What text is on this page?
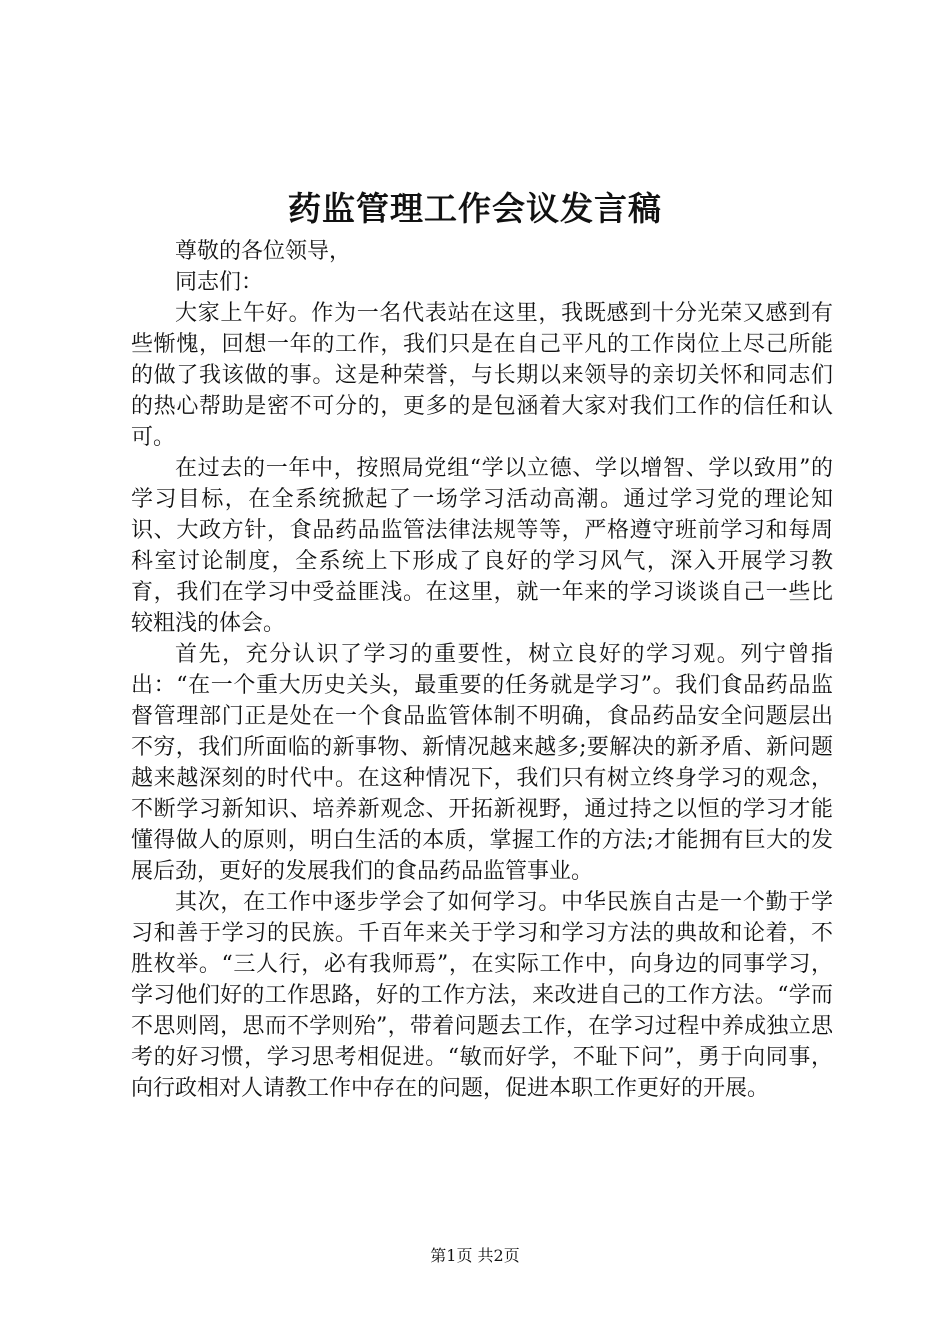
药监管理工作会议发言稿

尊敬的各位领导，

同志们：

大家上午好。作为一名代表站在这里，我既感到十分光荣又感到有些惭愧，回想一年的工作，我们只是在自己平凡的工作岗位上尽己所能的做了我该做的事。这是种荣誉，与长期以来领导的亲切关怀和同志们的热心帮助是密不可分的，更多的是包涵着大家对我们工作的信任和认可。

在过去的一年中，按照局党组“学以立德、学以增智、学以致用”的学习目标，在全系统掀起了一场学习活动高潮。通过学习党的理论知识、大政方针，食品药品监管法律法规等等，严格遵守班前学习和每周科室讨论制度，全系统上下形成了良好的学习风气，深入开展学习教育，我们在学习中受益匪浅。在这里，就一年来的学习谈谈自己一些比较粗浅的体会。

首先，充分认识了学习的重要性，树立良好的学习观。列宁曾指出：“在一个重大历史关头，最重要的任务就是学习”。我们食品药品监督管理部门正是处在一个食品监管体制不明确，食品药品安全问题层出不穷，我们所面临的新事物、新情况越来越多;要解决的新矛盾、新问题越来越深刻的时代中。在这种情况下，我们只有树立终身学习的观念，不断学习新知识、培养新观念、开拓新视野，通过持之以恒的学习才能懂得做人的原则，明白生活的本质，掌握工作的方法;才能拥有巨大的发展后劲，更好的发展我们的食品药品监管事业。

其次，在工作中逐步学会了如何学习。中华民族自古是一个勤于学习和善于学习的民族。千百年来关于学习和学习方法的典故和论着，不胜枚举。“三人行，必有我师焉”，在实际工作中，向身边的同事学习，学习他们好的工作思路，好的工作方法，来改进自己的工作方法。“学而不思则罔，思而不学则殆”，带着问题去工作，在学习过程中养成独立思考的好习惯，学习思考相促进。“敏而好学，不耻下问”，勇于向同事，向行政相对人请教工作中存在的问题，促进本职工作更好的开展。

第1页 共2页
